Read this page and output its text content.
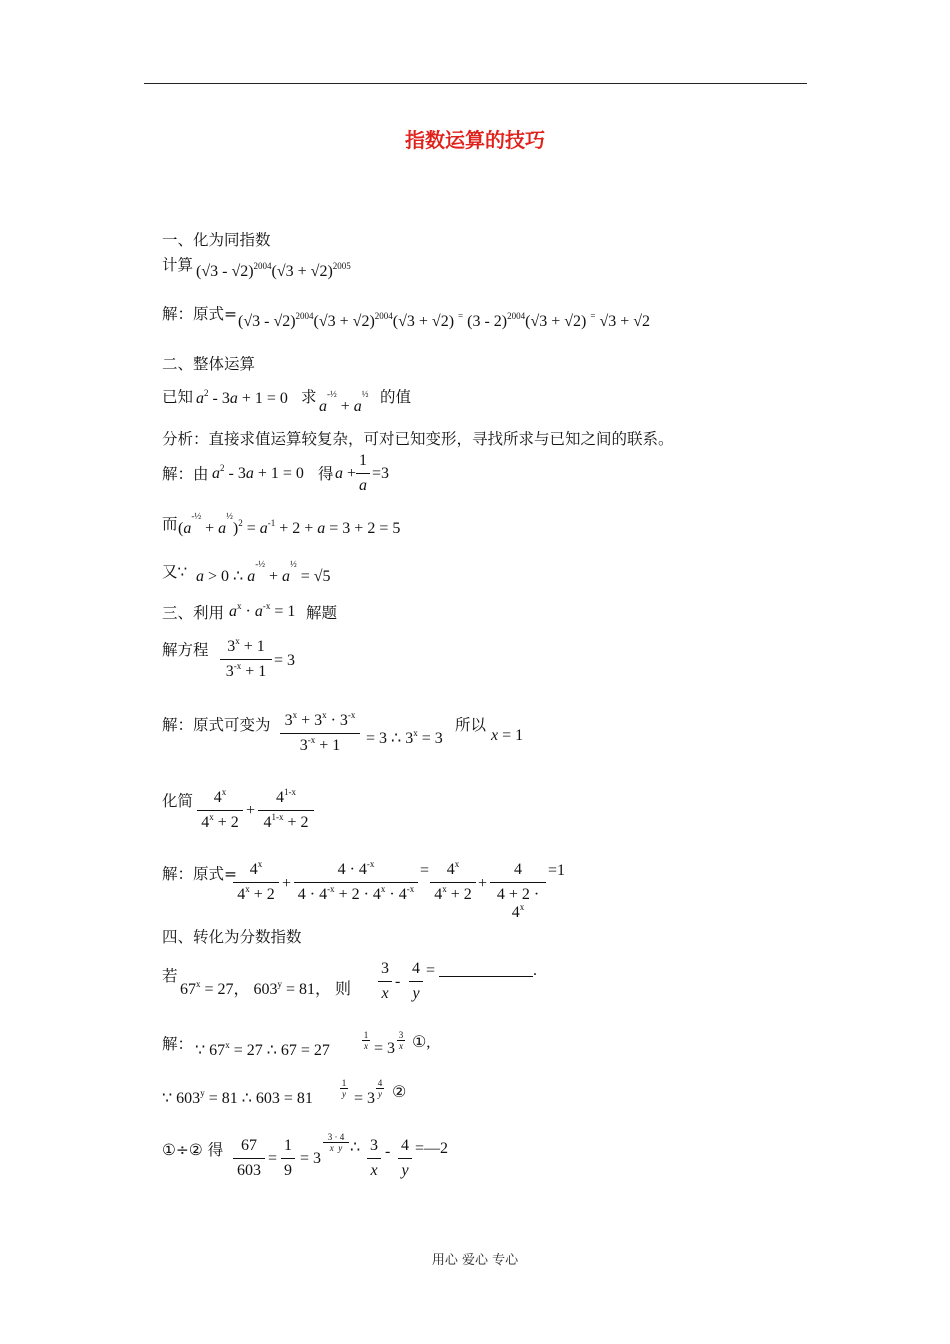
指数运算的技巧
一、化为同指数
计算 $(√3 - √2)^{2004}(√3 + √2)^{2005}$
解：原式= $(√3 - √2)^{2004}(√3 + √2)^{2004}(√3 + √2)$ = (3 - 2)$^{2004}$(√3 + √2) = √3 + √2
二、整体运算
已知 $a^2 - 3a + 1 = 0$ 求
$a^{-\frac{1}{2}} + a^{\frac{1}{2}}$ 的值
分析：直接求值运算较复杂，可对已知变形，寻找所求与已知之间的联系。
解：由 $a^2 - 3a + 1 = 0$ 得 a +
1
a
=3
而 $(a^{-\frac{1}{2}} + a^{\frac{1}{2}})^2 = a^{-1} + 2 + a = 3 + 2 = 5$
又∵ a > 0 ∴ $a^{-\frac{1}{2}} + a^{\frac{1}{2}} = √5$
三、利用 $a^x \cdot a^{-x} = 1$ 解题
解方程	$3^x + 1$
$3^{-x} + 1$
= 3
解：原式可变为 $3^x + 3^x \cdot 3^{-x}$
$3^{-x} + 1$	= 3 ∴ $3^x = 3$
所以
x = 1
化简	4$^x$
$4^x + 2$
+
$4^{1-x}$
$4^{1-x} + 2$
解：原式= $4^x$
$4^x + 2$
+
$4 \cdot 4^{-x}$
$4 \cdot 4^{-x} + 2 \cdot 4^x \cdot 4^{-x}$
=	$4^x$
$4^x + 2$
+
4
$4 + 2 \cdot 4^x$
=1
四、转化为分数指数
若
$67^x = 27$， $603^y = 81$， 则
3
x
-
4
y
=	.
解： ∵ $67^x = 27$ ∴ 67 = 27
1
x = 3
3
x ①,
∵ $603^y = 81$ ∴ 603 = 81
1
y = 3
4
y ②
①÷② 得	67
603
=
1
9
= 3
3 · 4
x  y ∴ 3
x
- 4
y
=—2
用心 爱心 专心
